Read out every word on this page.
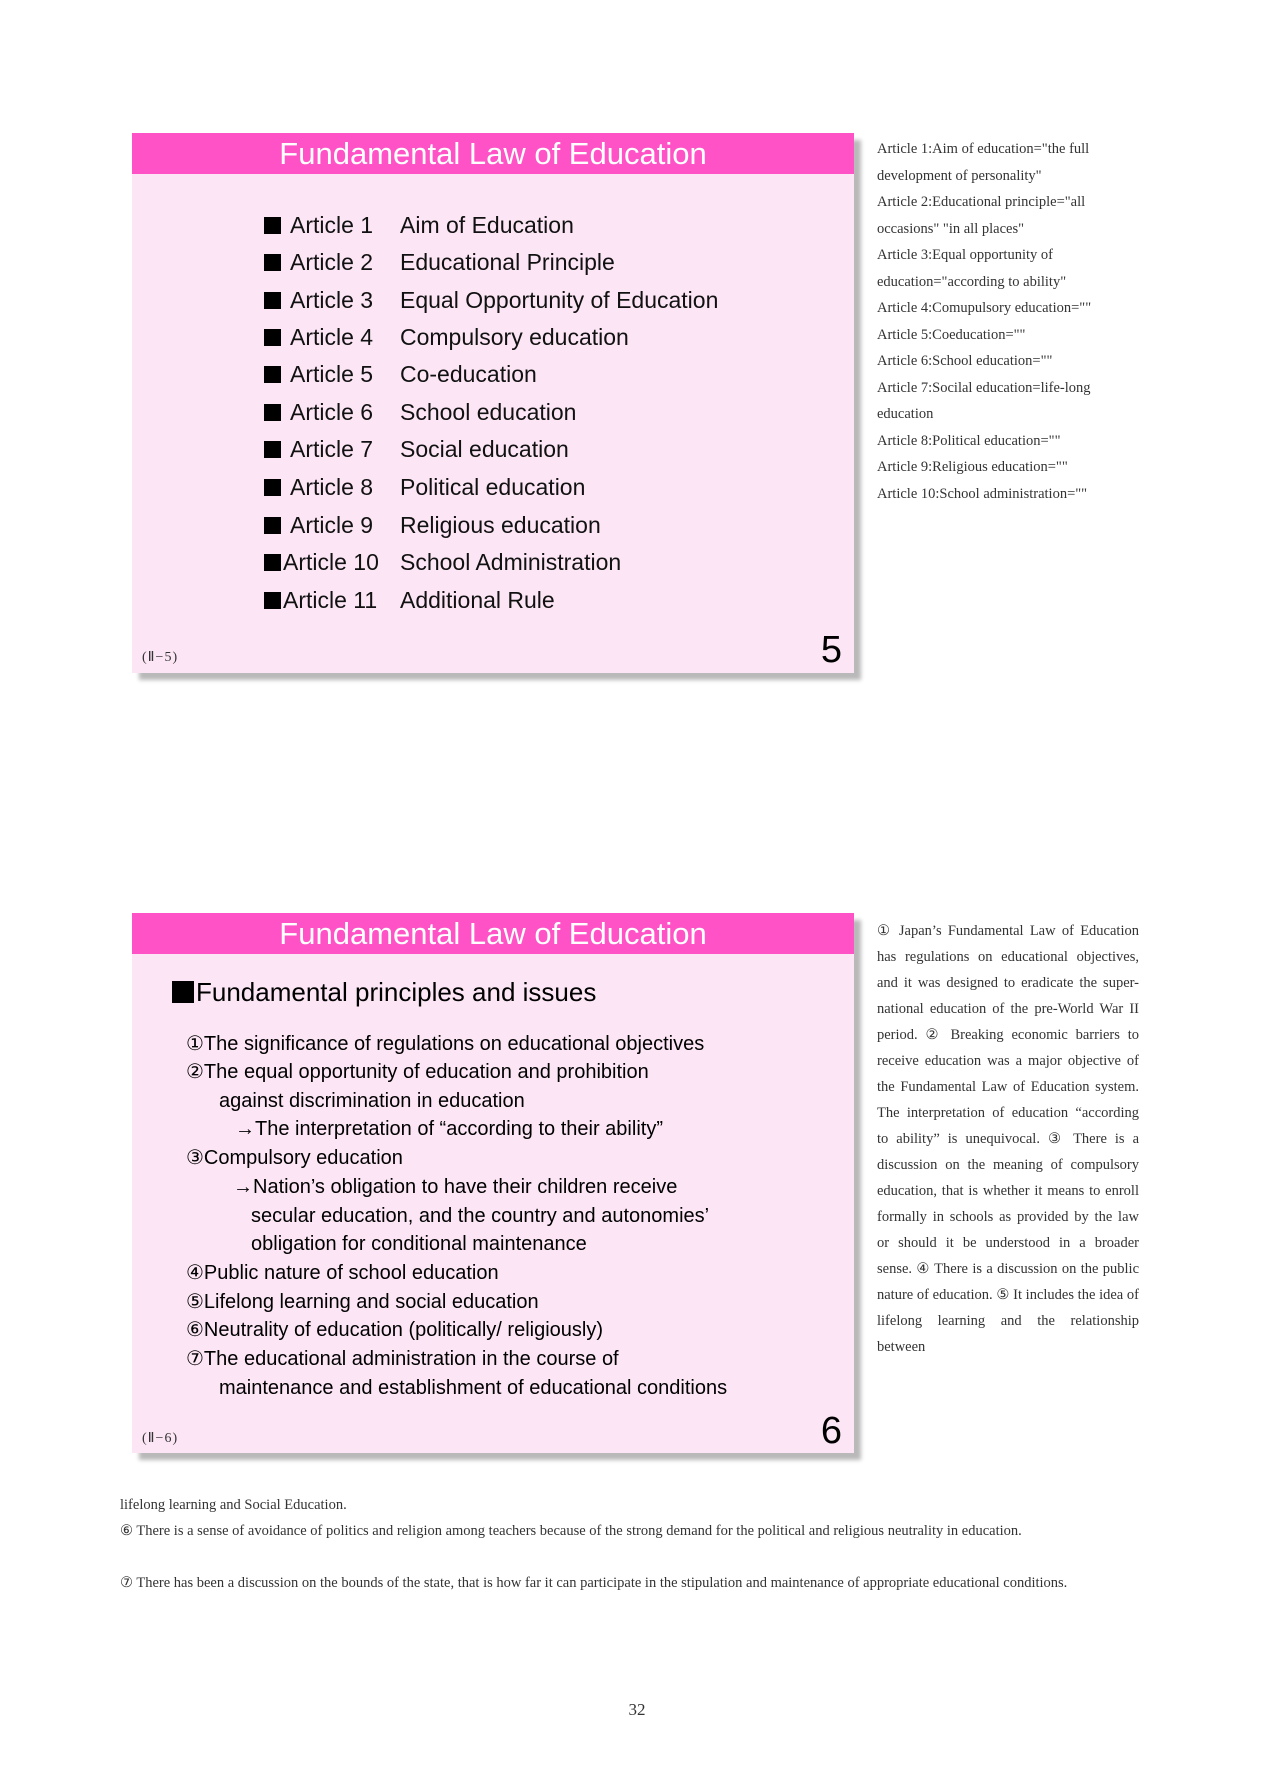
Fundamental Law of Education
Article 1 Aim of Education
Article 2 Educational Principle
Article 3 Equal Opportunity of Education
Article 4 Compulsory education
Article 5 Co-education
Article 6 School education
Article 7 Social education
Article 8 Political education
Article 9 Religious education
Article 10 School Administration
Article 11 Additional Rule
(Ⅱ−5)	5
Article 1:Aim of education="the full
development of personality"
Article 2:Educational principle="all
occasions" "in all places"
Article 3:Equal opportunity of
education="according to ability"
Article 4:Comupulsory education=""
Article 5:Coeducation=""
Article 6:School education=""
Article 7:Socilal education=life-long
education
Article 8:Political education=""
Article 9:Religious education=""
Article 10:School administration=""
Fundamental Law of Education
Fundamental principles and issues
①The significance of regulations on educational objectives
②The equal opportunity of education and prohibition
against discrimination in education
→The interpretation of “according to their ability”
③Compulsory education
→Nation’s obligation to have their children receive
secular education, and the country and autonomies’
obligation for conditional maintenance
④Public nature of school education
⑤Lifelong learning and social education
⑥Neutrality of education (politically/ religiously)
⑦The educational administration in the course of
maintenance and establishment of educational conditions
(Ⅱ−6)	6
① Japan’s Fundamental Law of Education has regulations on educational objectives, and it was designed to eradicate the super-national education of the pre-World War II period. ② Breaking economic barriers to receive education was a major objective of the Fundamental Law of Education system. The interpretation of education “according to ability” is unequivocal. ③ There is a discussion on the meaning of compulsory education, that is whether it means to enroll formally in schools as provided by the law or should it be understood in a broader sense. ④ There is a discussion on the public nature of education. ⑤ It includes the idea of lifelong learning and the relationship between
lifelong learning and Social Education.
⑥ There is a sense of avoidance of politics and religion among teachers because of the strong demand for the political and religious neutrality in education.
⑦ There has been a discussion on the bounds of the state, that is how far it can participate in the stipulation and maintenance of appropriate educational conditions.
32
